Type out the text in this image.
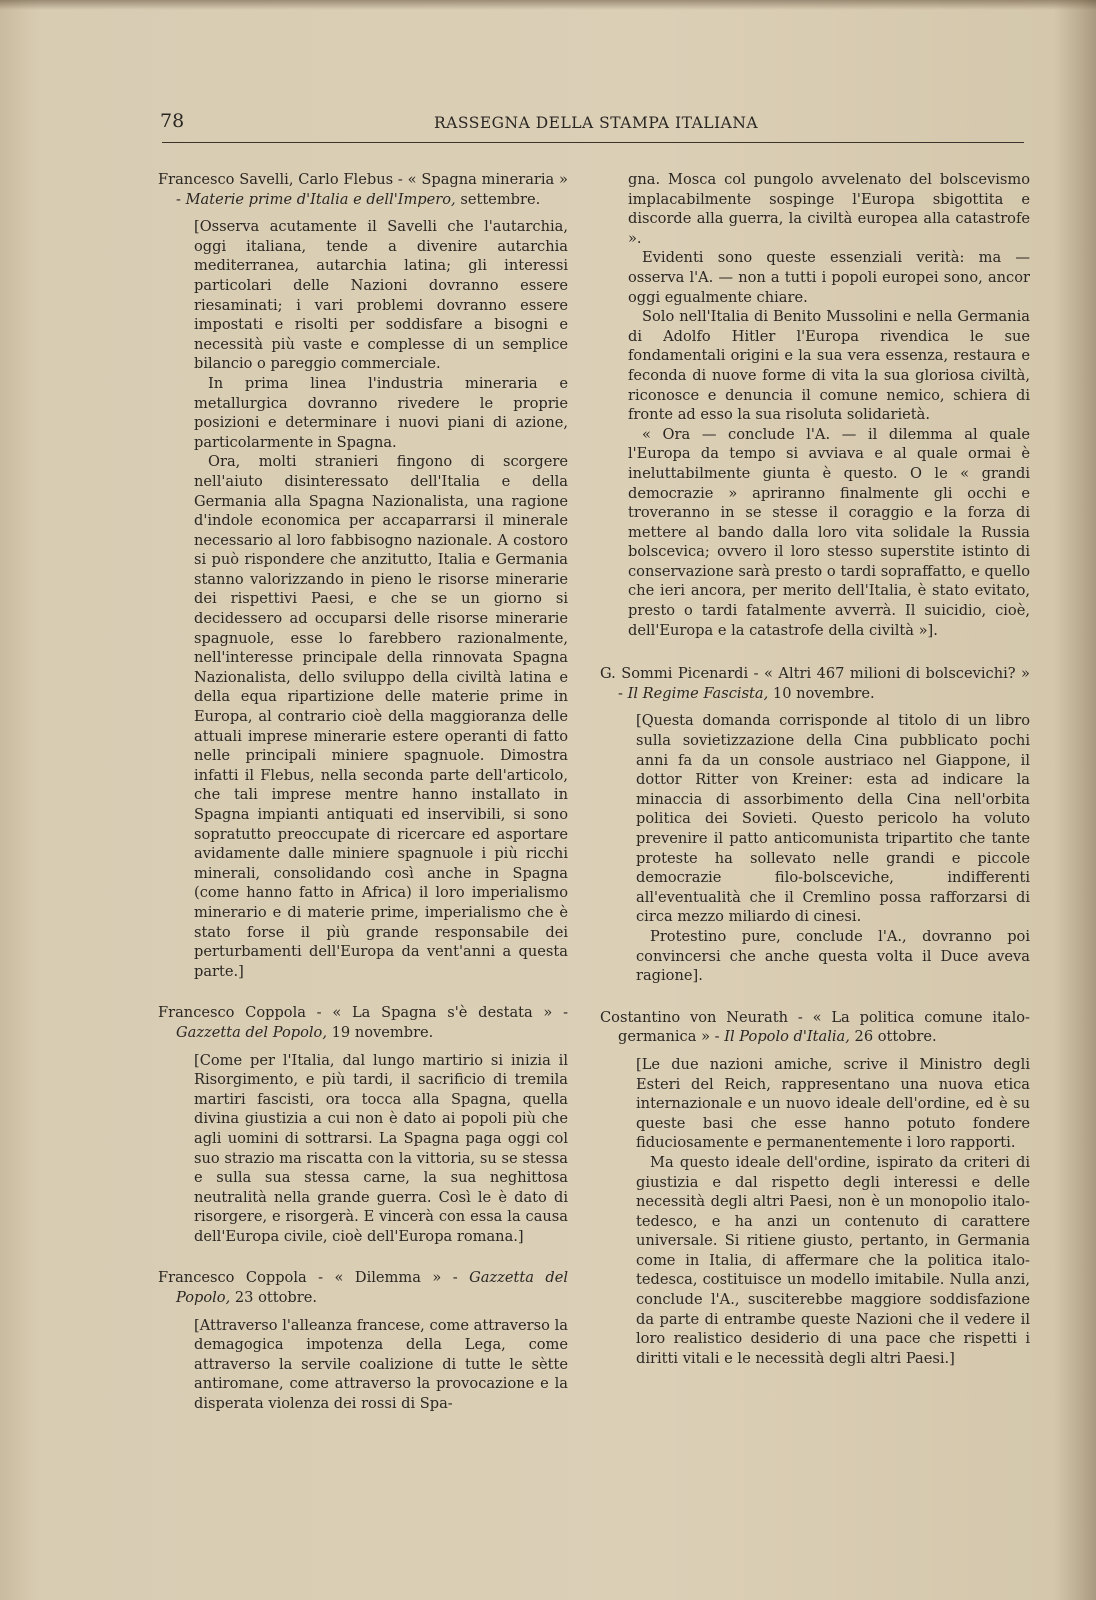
78	RASSEGNA DELLA STAMPA ITALIANA

Francesco Savelli, Carlo Flebus - « Spagna mineraria » - Materie prime d'Italia e dell'Impero, settembre.

[Osserva acutamente il Savelli che l'autarchia, oggi italiana, tende a divenire autarchia mediterranea, autarchia latina; gli interessi particolari delle Nazioni dovranno essere riesaminati; i vari problemi dovranno essere impostati e risolti per soddisfare a bisogni e necessità più vaste e complesse di un semplice bilancio o pareggio commerciale.

In prima linea l'industria mineraria e metallurgica dovranno rivedere le proprie posizioni e determinare i nuovi piani di azione, particolarmente in Spagna.

Ora, molti stranieri fingono di scorgere nell'aiuto disinteressato dell'Italia e della Germania alla Spagna Nazionalista, una ragione d'indole economica per accaparrarsi il minerale necessario al loro fabbisogno nazionale. A costoro si può rispondere che anzitutto, Italia e Germania stanno valorizzando in pieno le risorse minerarie dei rispettivi Paesi, e che se un giorno si decidessero ad occuparsi delle risorse minerarie spagnuole, esse lo farebbero razionalmente, nell'interesse principale della rinnovata Spagna Nazionalista, dello sviluppo della civiltà latina e della equa ripartizione delle materie prime in Europa, al contrario cioè della maggioranza delle attuali imprese minerarie estere operanti di fatto nelle principali miniere spagnuole. Dimostra infatti il Flebus, nella seconda parte dell'articolo, che tali imprese mentre hanno installato in Spagna impianti antiquati ed inservibili, si sono sopratutto preoccupate di ricercare ed asportare avidamente dalle miniere spagnuole i più ricchi minerali, consolidando così anche in Spagna (come hanno fatto in Africa) il loro imperialismo minerario e di materie prime, imperialismo che è stato forse il più grande responsabile dei perturbamenti dell'Europa da vent'anni a questa parte.]

Francesco Coppola - « La Spagna s'è destata » - Gazzetta del Popolo, 19 novembre.

[Come per l'Italia, dal lungo martirio si inizia il Risorgimento, e più tardi, il sacrificio di tremila martiri fascisti, ora tocca alla Spagna, quella divina giustizia a cui non è dato ai popoli più che agli uomini di sottrarsi. La Spagna paga oggi col suo strazio ma riscatta con la vittoria, su se stessa e sulla sua stessa carne, la sua neghittosa neutralità nella grande guerra. Così le è dato di risorgere, e risorgerà. E vincerà con essa la causa dell'Europa civile, cioè dell'Europa romana.]

Francesco Coppola - « Dilemma » - Gazzetta del Popolo, 23 ottobre.

[Attraverso l'alleanza francese, come attraverso la demagogica impotenza della Lega, come attraverso la servile coalizione di tutte le sètte antiromane, come attraverso la provocazione e la disperata violenza dei rossi di Spa-

gna. Mosca col pungolo avvelenato del bolscevismo implacabilmente sospinge l'Europa sbigottita e discorde alla guerra, la civiltà europea alla catastrofe ».

Evidenti sono queste essenziali verità: ma — osserva l'A. — non a tutti i popoli europei sono, ancor oggi egualmente chiare.

Solo nell'Italia di Benito Mussolini e nella Germania di Adolfo Hitler l'Europa rivendica le sue fondamentali origini e la sua vera essenza, restaura e feconda di nuove forme di vita la sua gloriosa civiltà, riconosce e denuncia il comune nemico, schiera di fronte ad esso la sua risoluta solidarietà.

« Ora — conclude l'A. — il dilemma al quale l'Europa da tempo si avviava e al quale ormai è ineluttabilmente giunta è questo. O le « grandi democrazie » apriranno finalmente gli occhi e troveranno in se stesse il coraggio e la forza di mettere al bando dalla loro vita solidale la Russia bolscevica; ovvero il loro stesso superstite istinto di conservazione sarà presto o tardi sopraffatto, e quello che ieri ancora, per merito dell'Italia, è stato evitato, presto o tardi fatalmente avverrà. Il suicidio, cioè, dell'Europa e la catastrofe della civiltà »].

G. Sommi Picenardi - « Altri 467 milioni di bolscevichi? » - Il Regime Fascista, 10 novembre.

[Questa domanda corrisponde al titolo di un libro sulla sovietizzazione della Cina pubblicato pochi anni fa da un console austriaco nel Giappone, il dottor Ritter von Kreiner: esta ad indicare la minaccia di assorbimento della Cina nell'orbita politica dei Sovieti. Questo pericolo ha voluto prevenire il patto anticomunista tripartito che tante proteste ha sollevato nelle grandi e piccole democrazie filo-bolsceviche, indifferenti all'eventualità che il Cremlino possa rafforzarsi di circa mezzo miliardo di cinesi.

Protestino pure, conclude l'A., dovranno poi convincersi che anche questa volta il Duce aveva ragione].

Costantino von Neurath - « La politica comune italo-germanica » - Il Popolo d'Italia, 26 ottobre.

[Le due nazioni amiche, scrive il Ministro degli Esteri del Reich, rappresentano una nuova etica internazionale e un nuovo ideale dell'ordine, ed è su queste basi che esse hanno potuto fondere fiduciosamente e permanentemente i loro rapporti.

Ma questo ideale dell'ordine, ispirato da criteri di giustizia e dal rispetto degli interessi e delle necessità degli altri Paesi, non è un monopolio italo-tedesco, e ha anzi un contenuto di carattere universale. Si ritiene giusto, pertanto, in Germania come in Italia, di affermare che la politica italo-tedesca, costituisce un modello imitabile. Nulla anzi, conclude l'A., susciterebbe maggiore soddisfazione da parte di entrambe queste Nazioni che il vedere il loro realistico desiderio di una pace che rispetti i diritti vitali e le necessità degli altri Paesi.]
